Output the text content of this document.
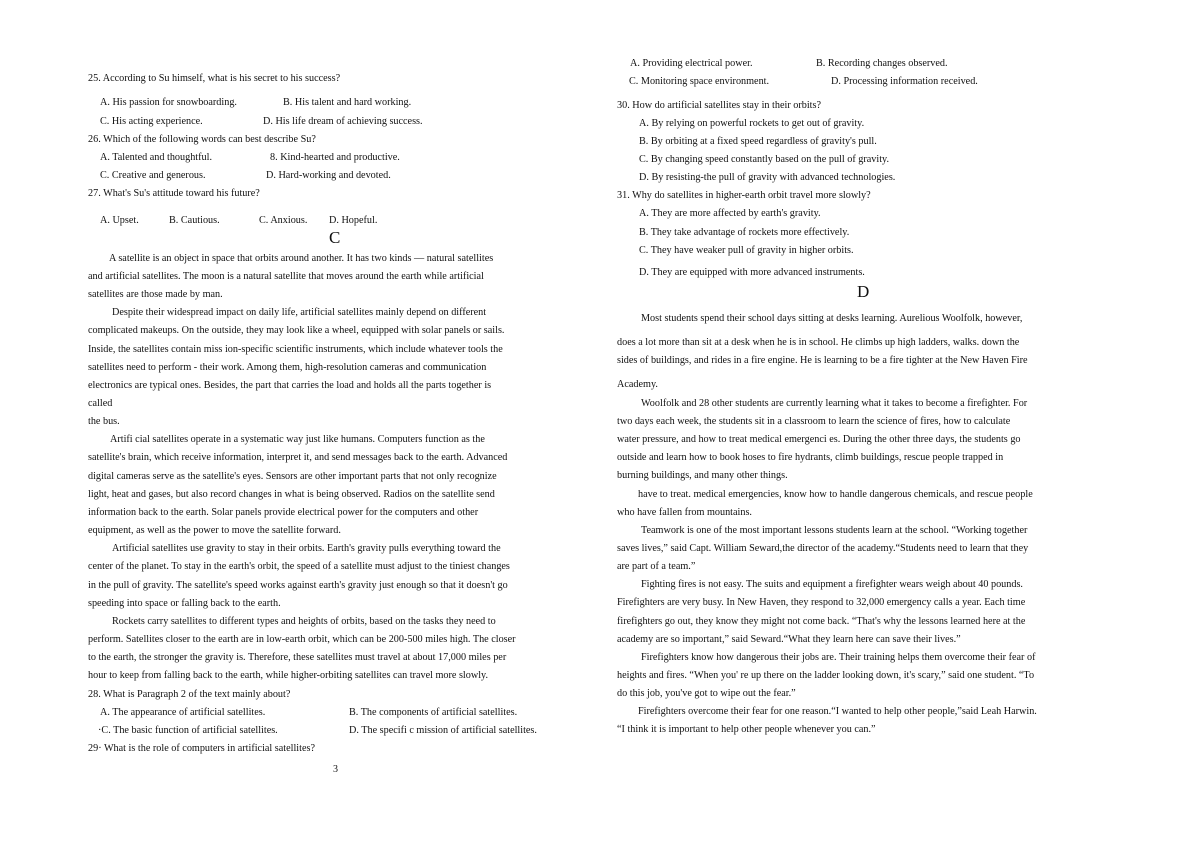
25. According to Su himself, what is his secret to his success?
A. His passion for snowboarding.	B. His talent and hard working.
C. His acting experience.	D. His life dream of achieving success.
26. Which of the following words can best describe Su?
A. Talented and thoughtful.	8. Kind-hearted and productive.
C. Creative and generous.	D. Hard-working and devoted.
27. What's Su's attitude toward his future?
A. Upset.	B. Cautious.	C. Anxious. D. Hopeful.
C
A satellite is an object in space that orbits around another. It has two kinds — natural satellites
and artificial satellites. The moon is a natural satellite that moves around the earth while artificial
satellites are those made by man.
Despite their widespread impact on daily life, artificial satellites mainly depend on different
complicated makeups. On the outside, they may look like a wheel, equipped with solar panels or sails.
Inside, the satellites contain miss ion-specific scientific instruments, which include whatever tools the
satellites need to perform - their work. Among them, high-resolution cameras and communication
electronics are typical ones. Besides, the part that carries the load and holds all the parts together is
called
the bus.
Artifi cial satellites operate in a systematic way just like humans. Computers function as the
satellite's brain, which receive information, interpret it, and send messages back to the earth. Advanced
digital cameras serve as the satellite's eyes. Sensors are other important parts that not only recognize
light, heat and gases, but also record changes in what is being observed. Radios on the satellite send
information back to the earth. Solar panels provide electrical power for the computers and other
equipment, as well as the power to move the satellite forward.
Artificial satellites use gravity to stay in their orbits. Earth's gravity pulls everything toward the
center of the planet. To stay in the earth's orbit, the speed of a satellite must adjust to the tiniest changes
in the pull of gravity. The satellite's speed works against earth's gravity just enough so that it doesn't go
speeding into space or falling back to the earth.
Rockets carry satellites to different types and heights of orbits, based on the tasks they need to
perform. Satellites closer to the earth are in low-earth orbit, which can be 200-500 miles high. The closer
to the earth, the stronger the gravity is. Therefore, these satellites must travel at about 17,000 miles per
hour to keep from falling back to the earth, while higher-orbiting satellites can travel more slowly.
28. What is Paragraph 2 of the text mainly about?
A. The appearance of artificial satellites.	B. The components of artificial satellites.
·C. The basic function of artificial satellites.	D. The specifi c mission of artificial satellites.
29· What is the role of computers in artificial satellites?
3
A. Providing electrical power.	B. Recording changes observed.
C. Monitoring space environment.	D. Processing information received.
30. How do artificial satellites stay in their orbits?
A. By relying on powerful rockets to get out of gravity.
B. By orbiting at a fixed speed regardless of gravity's pull.
C. By changing speed constantly based on the pull of gravity.
D. By resisting-the pull of gravity with advanced technologies.
31. Why do satellites in higher-earth orbit travel more slowly?
A. They are more affected by earth's gravity.
B. They take advantage of rockets more effectively.
C. They have weaker pull of gravity in higher orbits.
D. They are equipped with more advanced instruments.
D
Most students spend their school days sitting at desks learning. Aurelious Woolfolk, however,
does a lot more than sit at a desk when he is in school. He climbs up high ladders, walks. down the
sides of buildings, and rides in a fire engine. He is learning to be a fire tighter at the New Haven Fire
Academy.
Woolfolk and 28 other students are currently learning what it takes to become a firefighter. For
two days each week, the students sit in a classroom to learn the science of fires, how to calculate
water pressure, and how to treat medical emergenci es. During the other three days, the students go
outside and learn how to book hoses to fire hydrants, climb buildings, rescue people trapped in
burning buildings, and many other things.
have to treat. medical emergencies, know how to handle dangerous chemicals, and rescue people
who have fallen from mountains.
Teamwork is one of the most important lessons students learn at the school. “Working together
saves lives,” said Capt. William Seward,the director of the academy.“Students need to learn that they
are part of a team.”
Fighting fires is not easy. The suits and equipment a firefighter wears weigh about 40 pounds.
Firefighters are very busy. In New Haven, they respond to 32,000 emergency calls a year. Each time
firefighters go out, they know they might not come back. “That's why the lessons learned here at the
academy are so important,” said Seward.“What they learn here can save their lives.”
Firefighters know how dangerous their jobs are. Their training helps them overcome their fear of
heights and fires. “When you' re up there on the ladder looking down, it's scary,” said one student. “To
do this job, you've got to wipe out the fear.”
Firefighters overcome their fear for one reason.“I wanted to help other people,”said Leah Harwin.
“I think it is important to help other people whenever you can.”
